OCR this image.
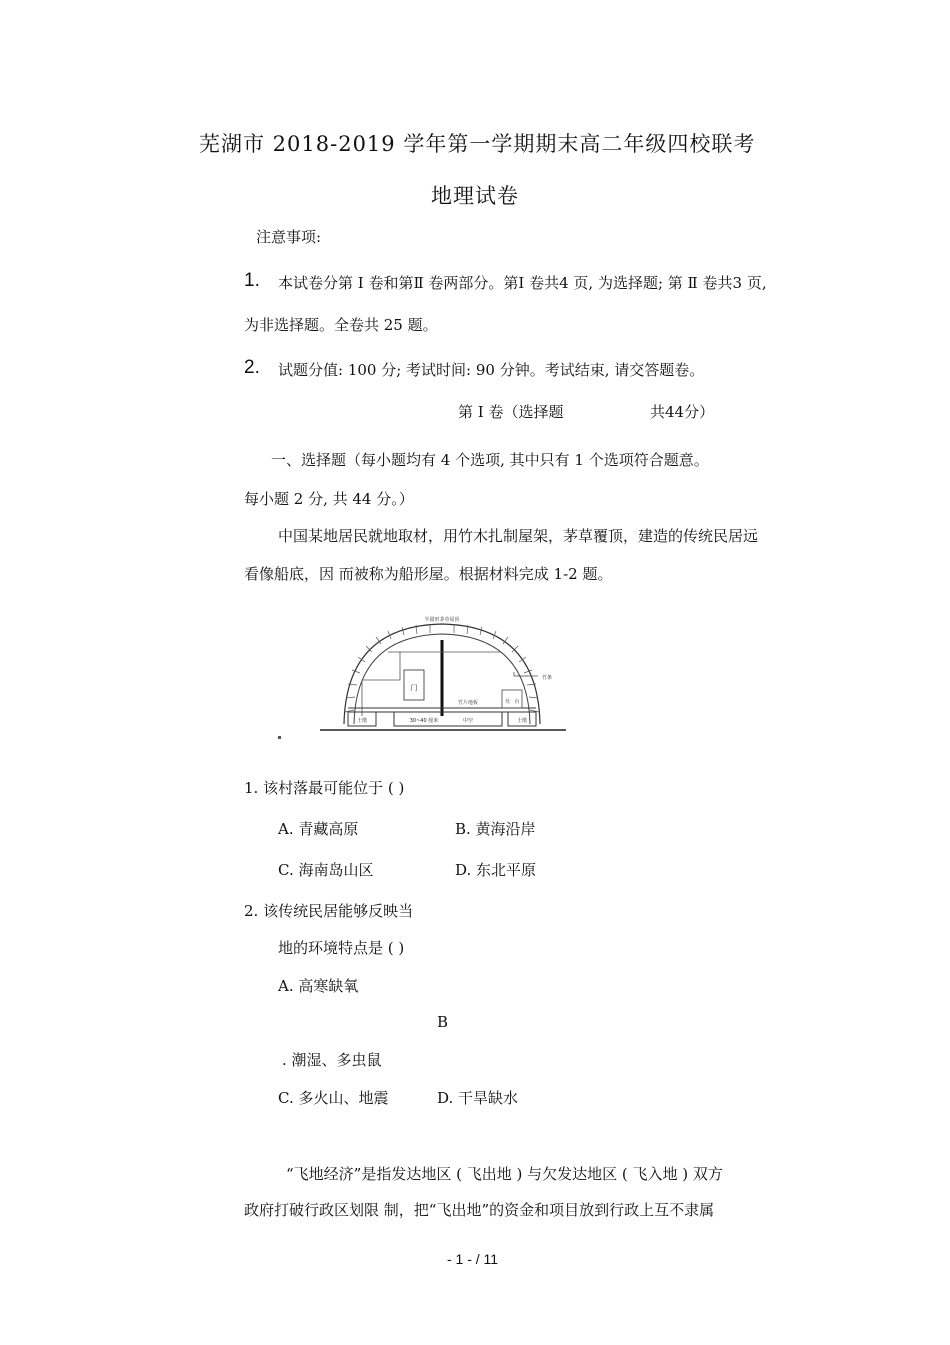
芜湖市 2018-2019 学年第一学期期末高二年级四校联考
地理试卷
注意事项:
1. 本试卷分第 Ⅰ 卷和第Ⅱ 卷两部分。第Ⅰ 卷共4 页, 为选择题; 第 Ⅱ 卷共3 页,
为非选择题。全卷共 25 题。
2. 试题分值: 100 分; 考试时间: 90 分钟。考试结束, 请交答题卷。
第 Ⅰ 卷（选择题	共44分）
一、选择题（每小题均有 4 个选项, 其中只有 1 个选项符合题意。
每小题 2 分, 共 44 分。）
中国某地居民就地取材，用竹木扎制屋架，茅草覆顶，建造的传统民居远
看像船底，因 而被称为船形屋。根据材料完成 1-2 题。
半圆形茅草屋顶
门
竹片地板	灶 台
竹条
土墩	土墩
30~40 厘米	中空
1. 该村落最可能位于 ( )
A. 青藏高原	B. 黄海沿岸
C. 海南岛山区	D. 东北平原
2. 该传统民居能够反映当
地的环境特点是 ( )
A. 高寒缺氧
B
. 潮湿、多虫鼠
C. 多火山、地震	D. 干旱缺水
“飞地经济”是指发达地区 ( 飞出地 ) 与欠发达地区 ( 飞入地 ) 双方
政府打破行政区划限 制，把“飞出地”的资金和项目放到行政上互不隶属
- 1 - / 11
